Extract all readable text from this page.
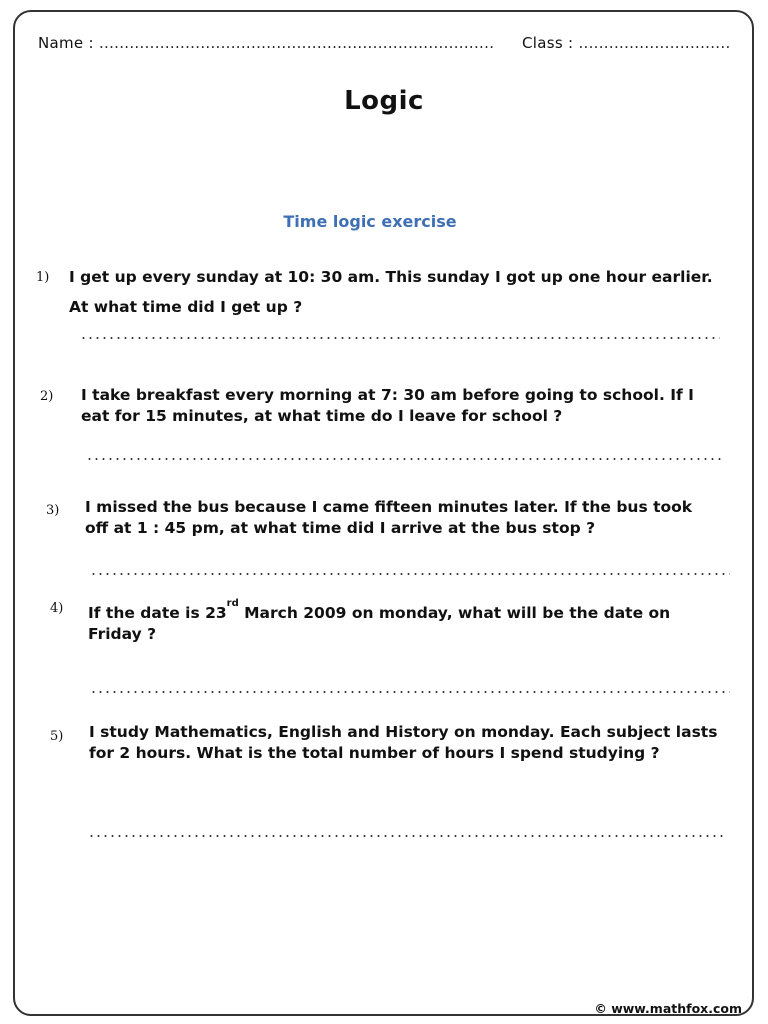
Name : .............................................................................. Class : ..............................
Logic
Time logic exercise
1) I get up every sunday at 10: 30 am. This sunday I got up one hour earlier.
At what time did I get up ?
2) I take breakfast every morning at 7: 30 am before going to school. If I
eat for 15 minutes, at what time do I leave for school ?
3) I missed the bus because I came fifteen minutes later. If the bus took
off at 1 : 45 pm, at what time did I arrive at the bus stop ?
4) If the date is 23rd March 2009 on monday, what will be the date on
Friday ?
5) I study Mathematics, English and History on monday. Each subject lasts
for 2 hours. What is the total number of hours I spend studying ?
© www.mathfox.com
